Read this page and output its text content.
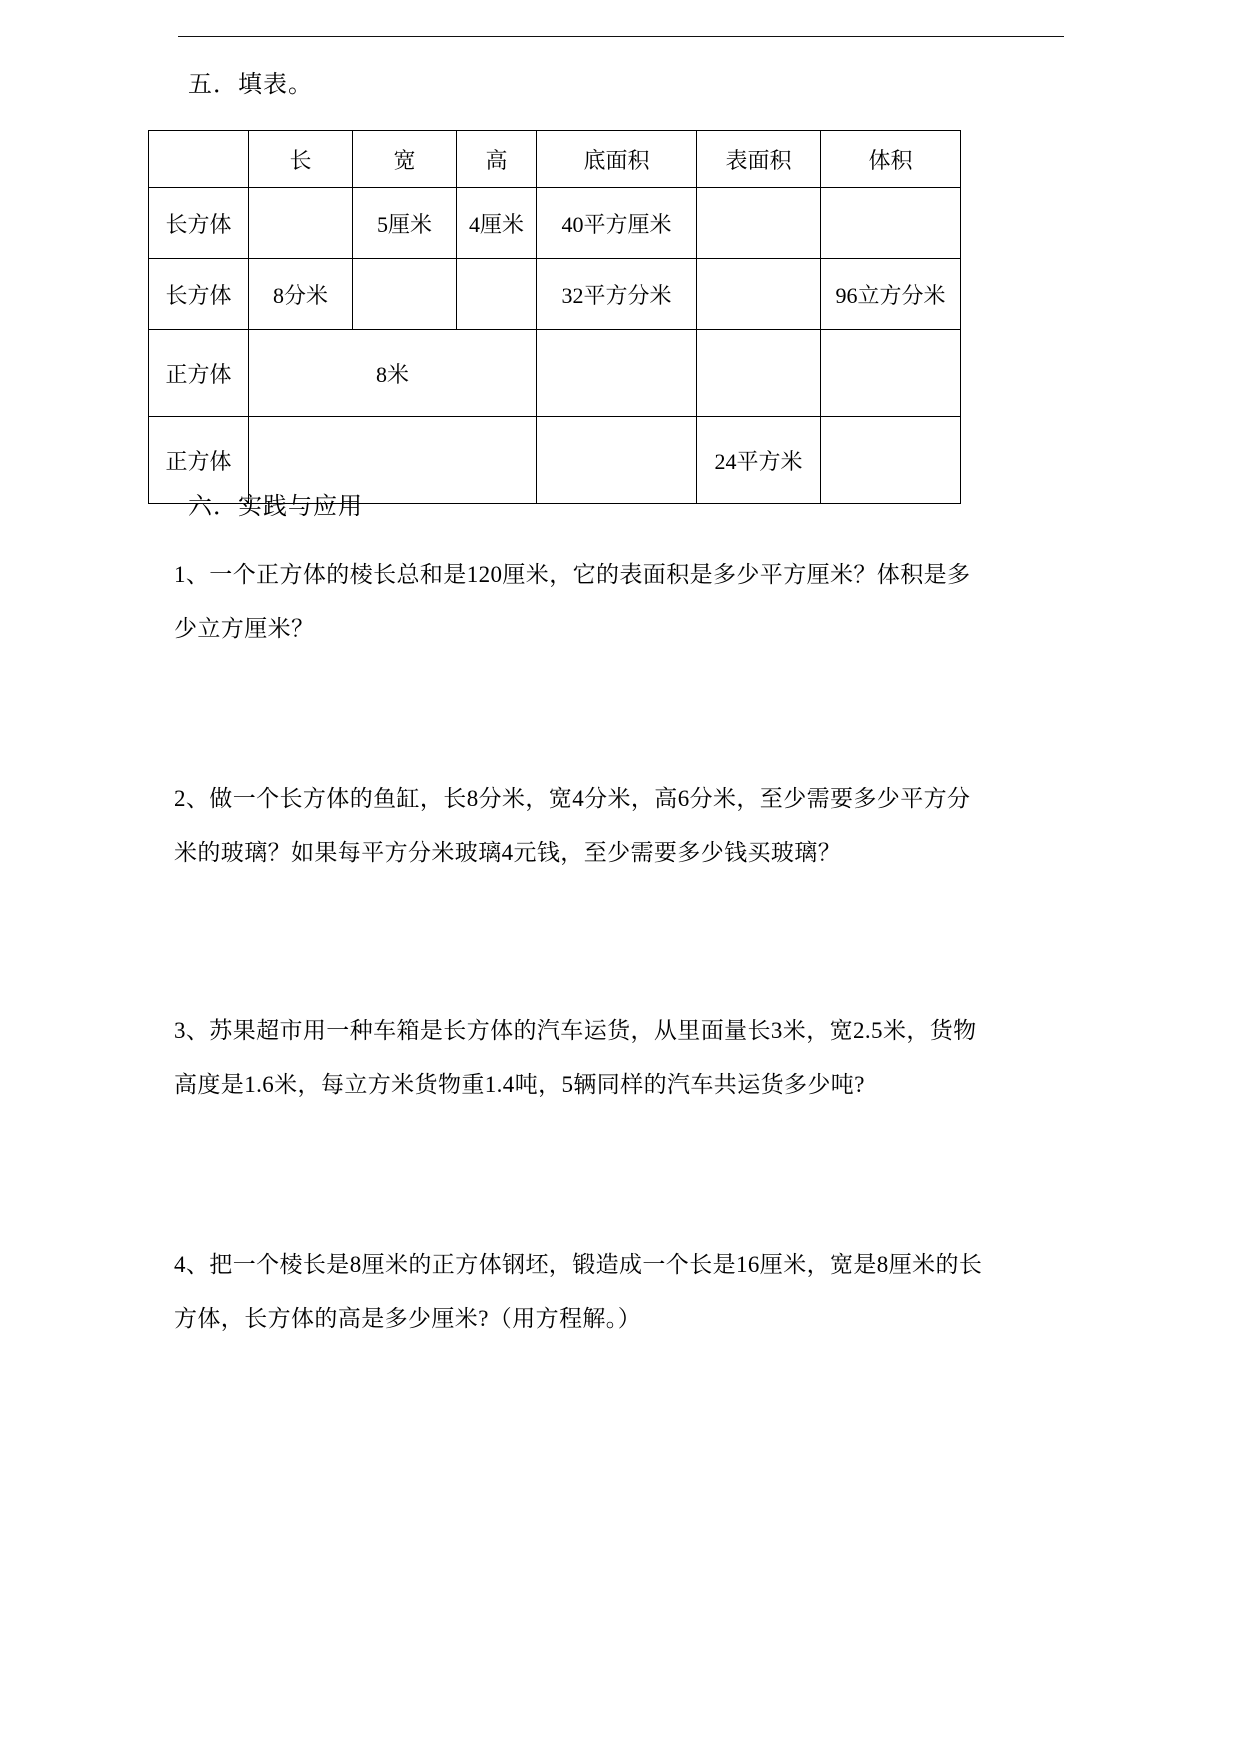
五．填表。
	长	宽	高	底面积	表面积	体积
长方体		5厘米	4厘米	40平方厘米		
长方体	8分米			32平方分米		96立方分米
正方体	8米					
正方体					24平方米	
六．实践与应用
1、一个正方体的棱长总和是120厘米，它的表面积是多少平方厘米？体积是多
少立方厘米？
2、做一个长方体的鱼缸，长8分米，宽4分米，高6分米，至少需要多少平方分
米的玻璃？如果每平方分米玻璃4元钱，至少需要多少钱买玻璃？
3、苏果超市用一种车箱是长方体的汽车运货，从里面量长3米，宽2.5米，货物
高度是1.6米，每立方米货物重1.4吨，5辆同样的汽车共运货多少吨?
4、把一个棱长是8厘米的正方体钢坯，锻造成一个长是16厘米，宽是8厘米的长
方体，长方体的高是多少厘米?（用方程解。）
